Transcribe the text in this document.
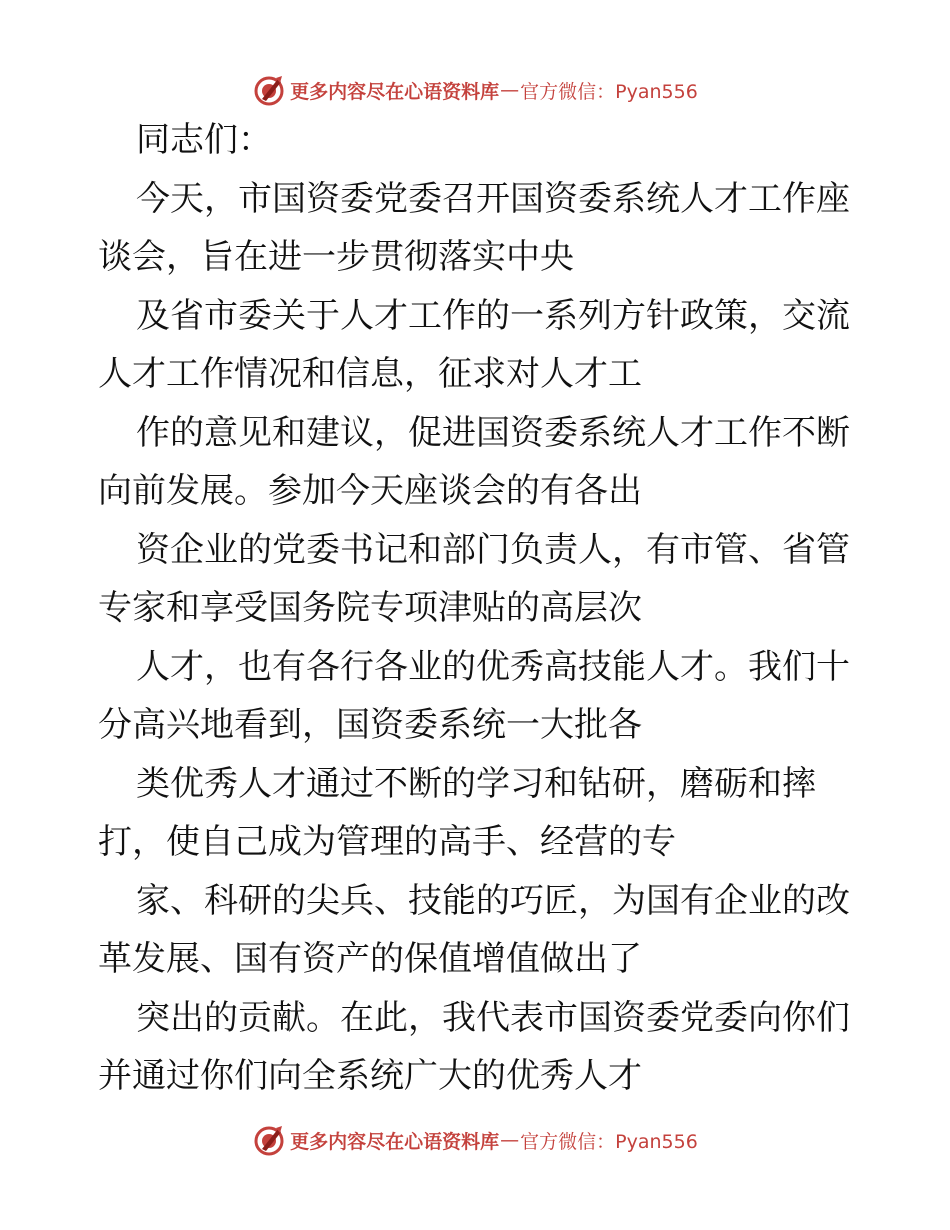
更多内容尽在心语资料库 — 官方微信：Pyan556
同志们：
今天，市国资委党委召开国资委系统人才工作座
谈会，旨在进一步贯彻落实中央
及省市委关于人才工作的一系列方针政策，交流
人才工作情况和信息，征求对人才工
作的意见和建议，促进国资委系统人才工作不断
向前发展。参加今天座谈会的有各出
资企业的党委书记和部门负责人，有市管、省管
专家和享受国务院专项津贴的高层次
人才，也有各行各业的优秀高技能人才。我们十
分高兴地看到，国资委系统一大批各
类优秀人才通过不断的学习和钻研，磨砺和摔
打，使自己成为管理的高手、经营的专
家、科研的尖兵、技能的巧匠，为国有企业的改
革发展、国有资产的保值增值做出了
突出的贡献。在此，我代表市国资委党委向你们
并通过你们向全系统广大的优秀人才
更多内容尽在心语资料库 — 官方微信：Pyan556
